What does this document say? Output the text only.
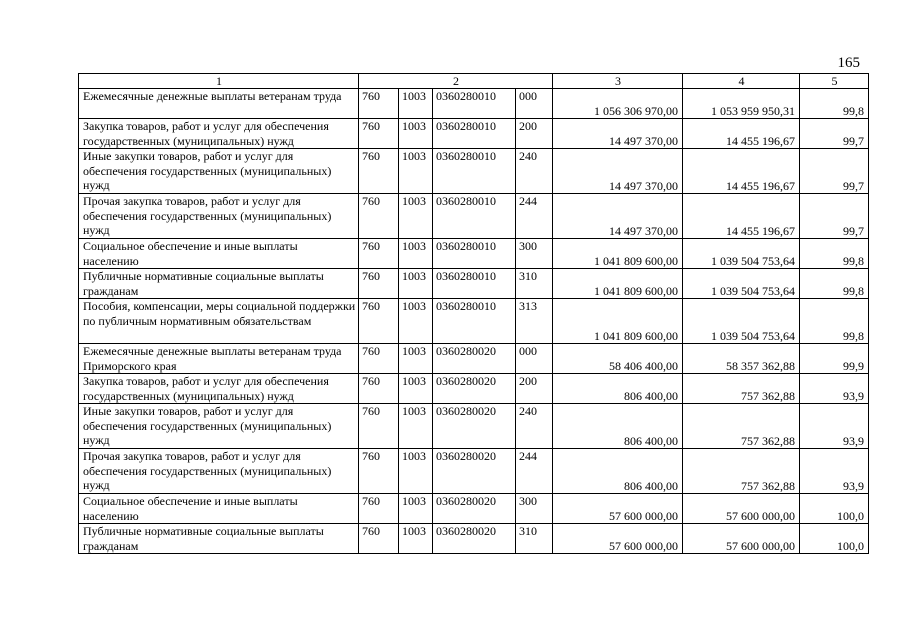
165
1	2				3	4	5
Ежемесячные денежные выплаты ветеранам труда	760	1003	0360280010	000	1 056 306 970,00	1 053 959 950,31	99,8
Закупка товаров, работ и услуг для обеспечения государственных (муниципальных) нужд	760	1003	0360280010	200	14 497 370,00	14 455 196,67	99,7
Иные закупки товаров, работ и услуг для обеспечения государственных (муниципальных) нужд	760	1003	0360280010	240	14 497 370,00	14 455 196,67	99,7
Прочая закупка товаров, работ и услуг для обеспечения государственных (муниципальных) нужд	760	1003	0360280010	244	14 497 370,00	14 455 196,67	99,7
Социальное обеспечение и иные выплаты населению	760	1003	0360280010	300	1 041 809 600,00	1 039 504 753,64	99,8
Публичные нормативные социальные выплаты гражданам	760	1003	0360280010	310	1 041 809 600,00	1 039 504 753,64	99,8
Пособия, компенсации, меры социальной поддержки по публичным нормативным обязательствам	760	1003	0360280010	313	1 041 809 600,00	1 039 504 753,64	99,8
Ежемесячные денежные выплаты ветеранам труда Приморского края	760	1003	0360280020	000	58 406 400,00	58 357 362,88	99,9
Закупка товаров, работ и услуг для обеспечения государственных (муниципальных) нужд	760	1003	0360280020	200	806 400,00	757 362,88	93,9
Иные закупки товаров, работ и услуг для обеспечения государственных (муниципальных) нужд	760	1003	0360280020	240	806 400,00	757 362,88	93,9
Прочая закупка товаров, работ и услуг для обеспечения государственных (муниципальных) нужд	760	1003	0360280020	244	806 400,00	757 362,88	93,9
Социальное обеспечение и иные выплаты населению	760	1003	0360280020	300	57 600 000,00	57 600 000,00	100,0
Публичные нормативные социальные выплаты гражданам	760	1003	0360280020	310	57 600 000,00	57 600 000,00	100,0
